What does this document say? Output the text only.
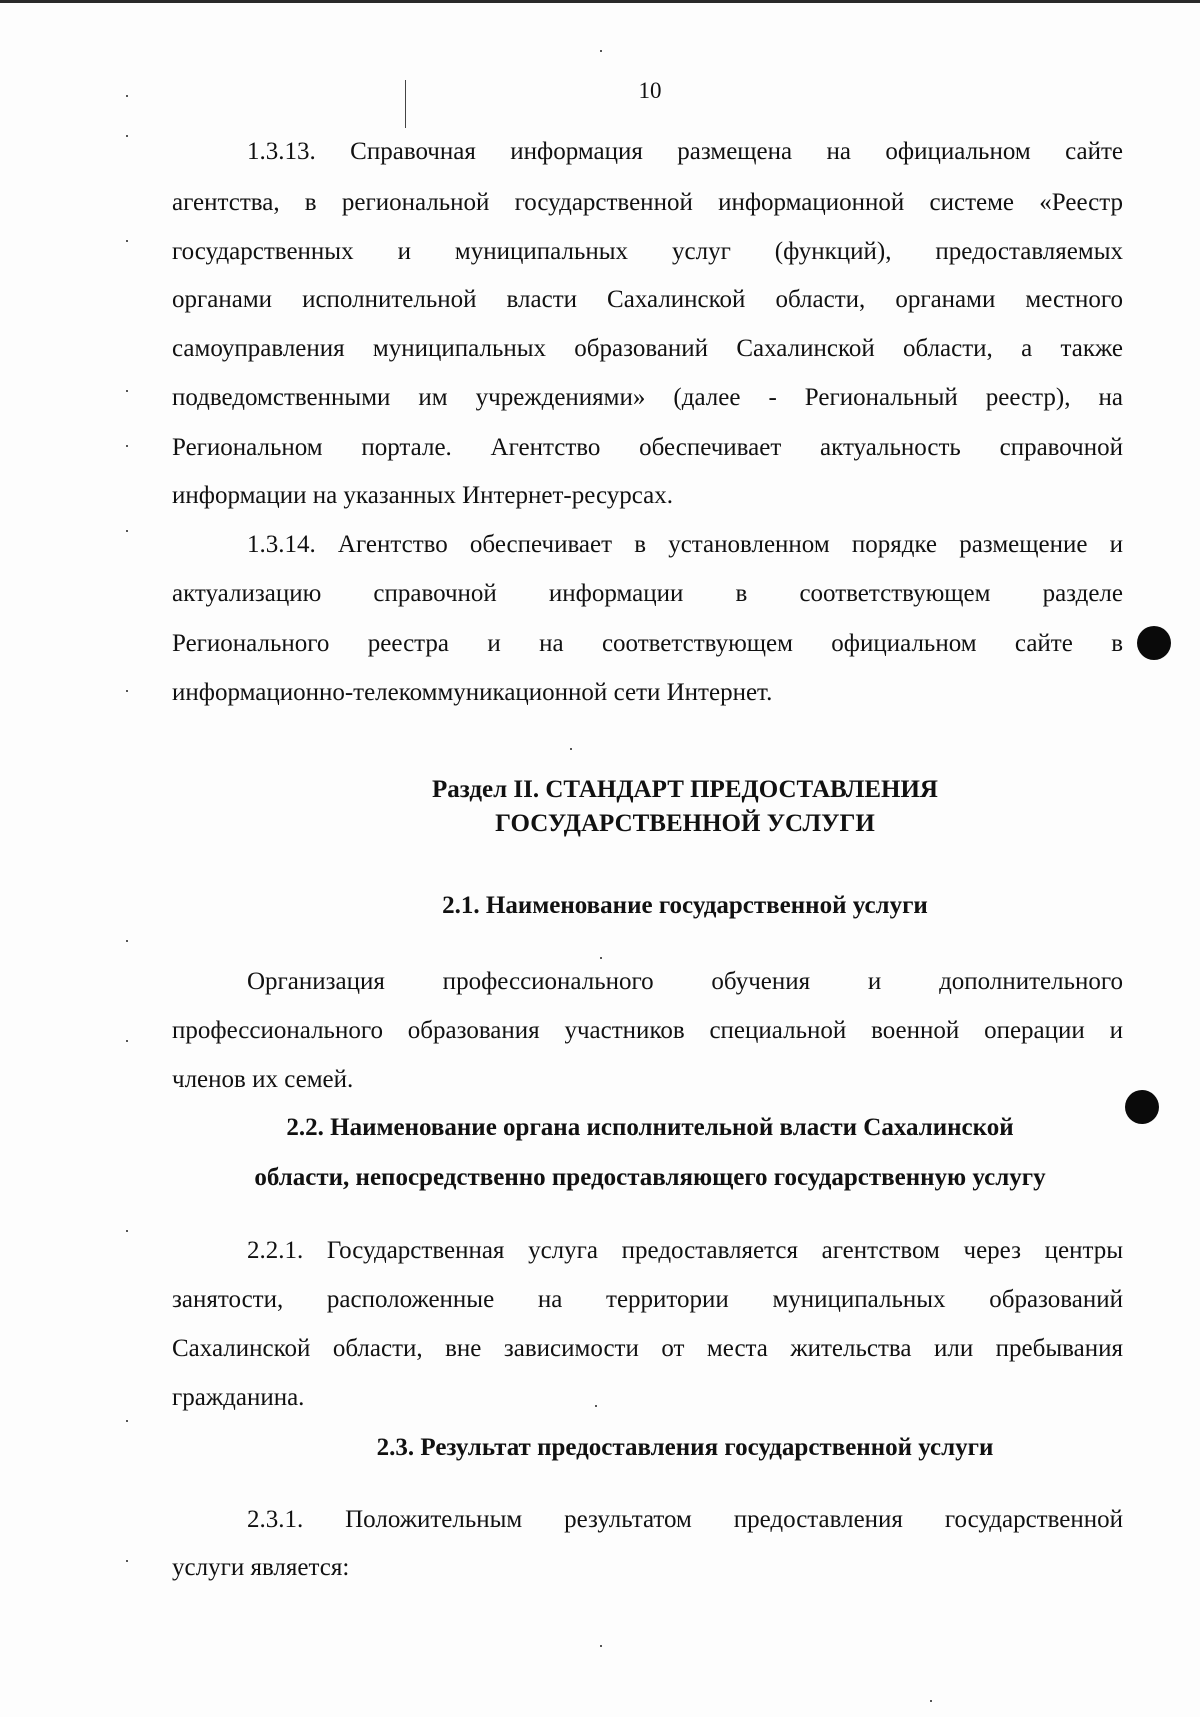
10
1.3.13. Справочная информация размещена на официальном сайте
агентства, в региональной государственной информационной системе «Реестр
государственных и муниципальных услуг (функций), предоставляемых
органами исполнительной власти Сахалинской области, органами местного
самоуправления муниципальных образований Сахалинской области, а также
подведомственными им учреждениями» (далее - Региональный реестр), на
Региональном портале. Агентство обеспечивает актуальность справочной
информации на указанных Интернет-ресурсах.
1.3.14. Агентство обеспечивает в установленном порядке размещение и
актуализацию справочной информации в соответствующем разделе
Регионального реестра и на соответствующем официальном сайте в
информационно-телекоммуникационной сети Интернет.
Раздел II. СТАНДАРТ ПРЕДОСТАВЛЕНИЯ
ГОСУДАРСТВЕННОЙ УСЛУГИ
2.1. Наименование государственной услуги
Организация профессионального обучения и дополнительного
профессионального образования участников специальной военной операции и
членов их семей.
2.2. Наименование органа исполнительной власти Сахалинской
области, непосредственно предоставляющего государственную услугу
2.2.1. Государственная услуга предоставляется агентством через центры
занятости, расположенные на территории муниципальных образований
Сахалинской области, вне зависимости от места жительства или пребывания
гражданина.
2.3. Результат предоставления государственной услуги
2.3.1. Положительным результатом предоставления государственной
услуги является:
